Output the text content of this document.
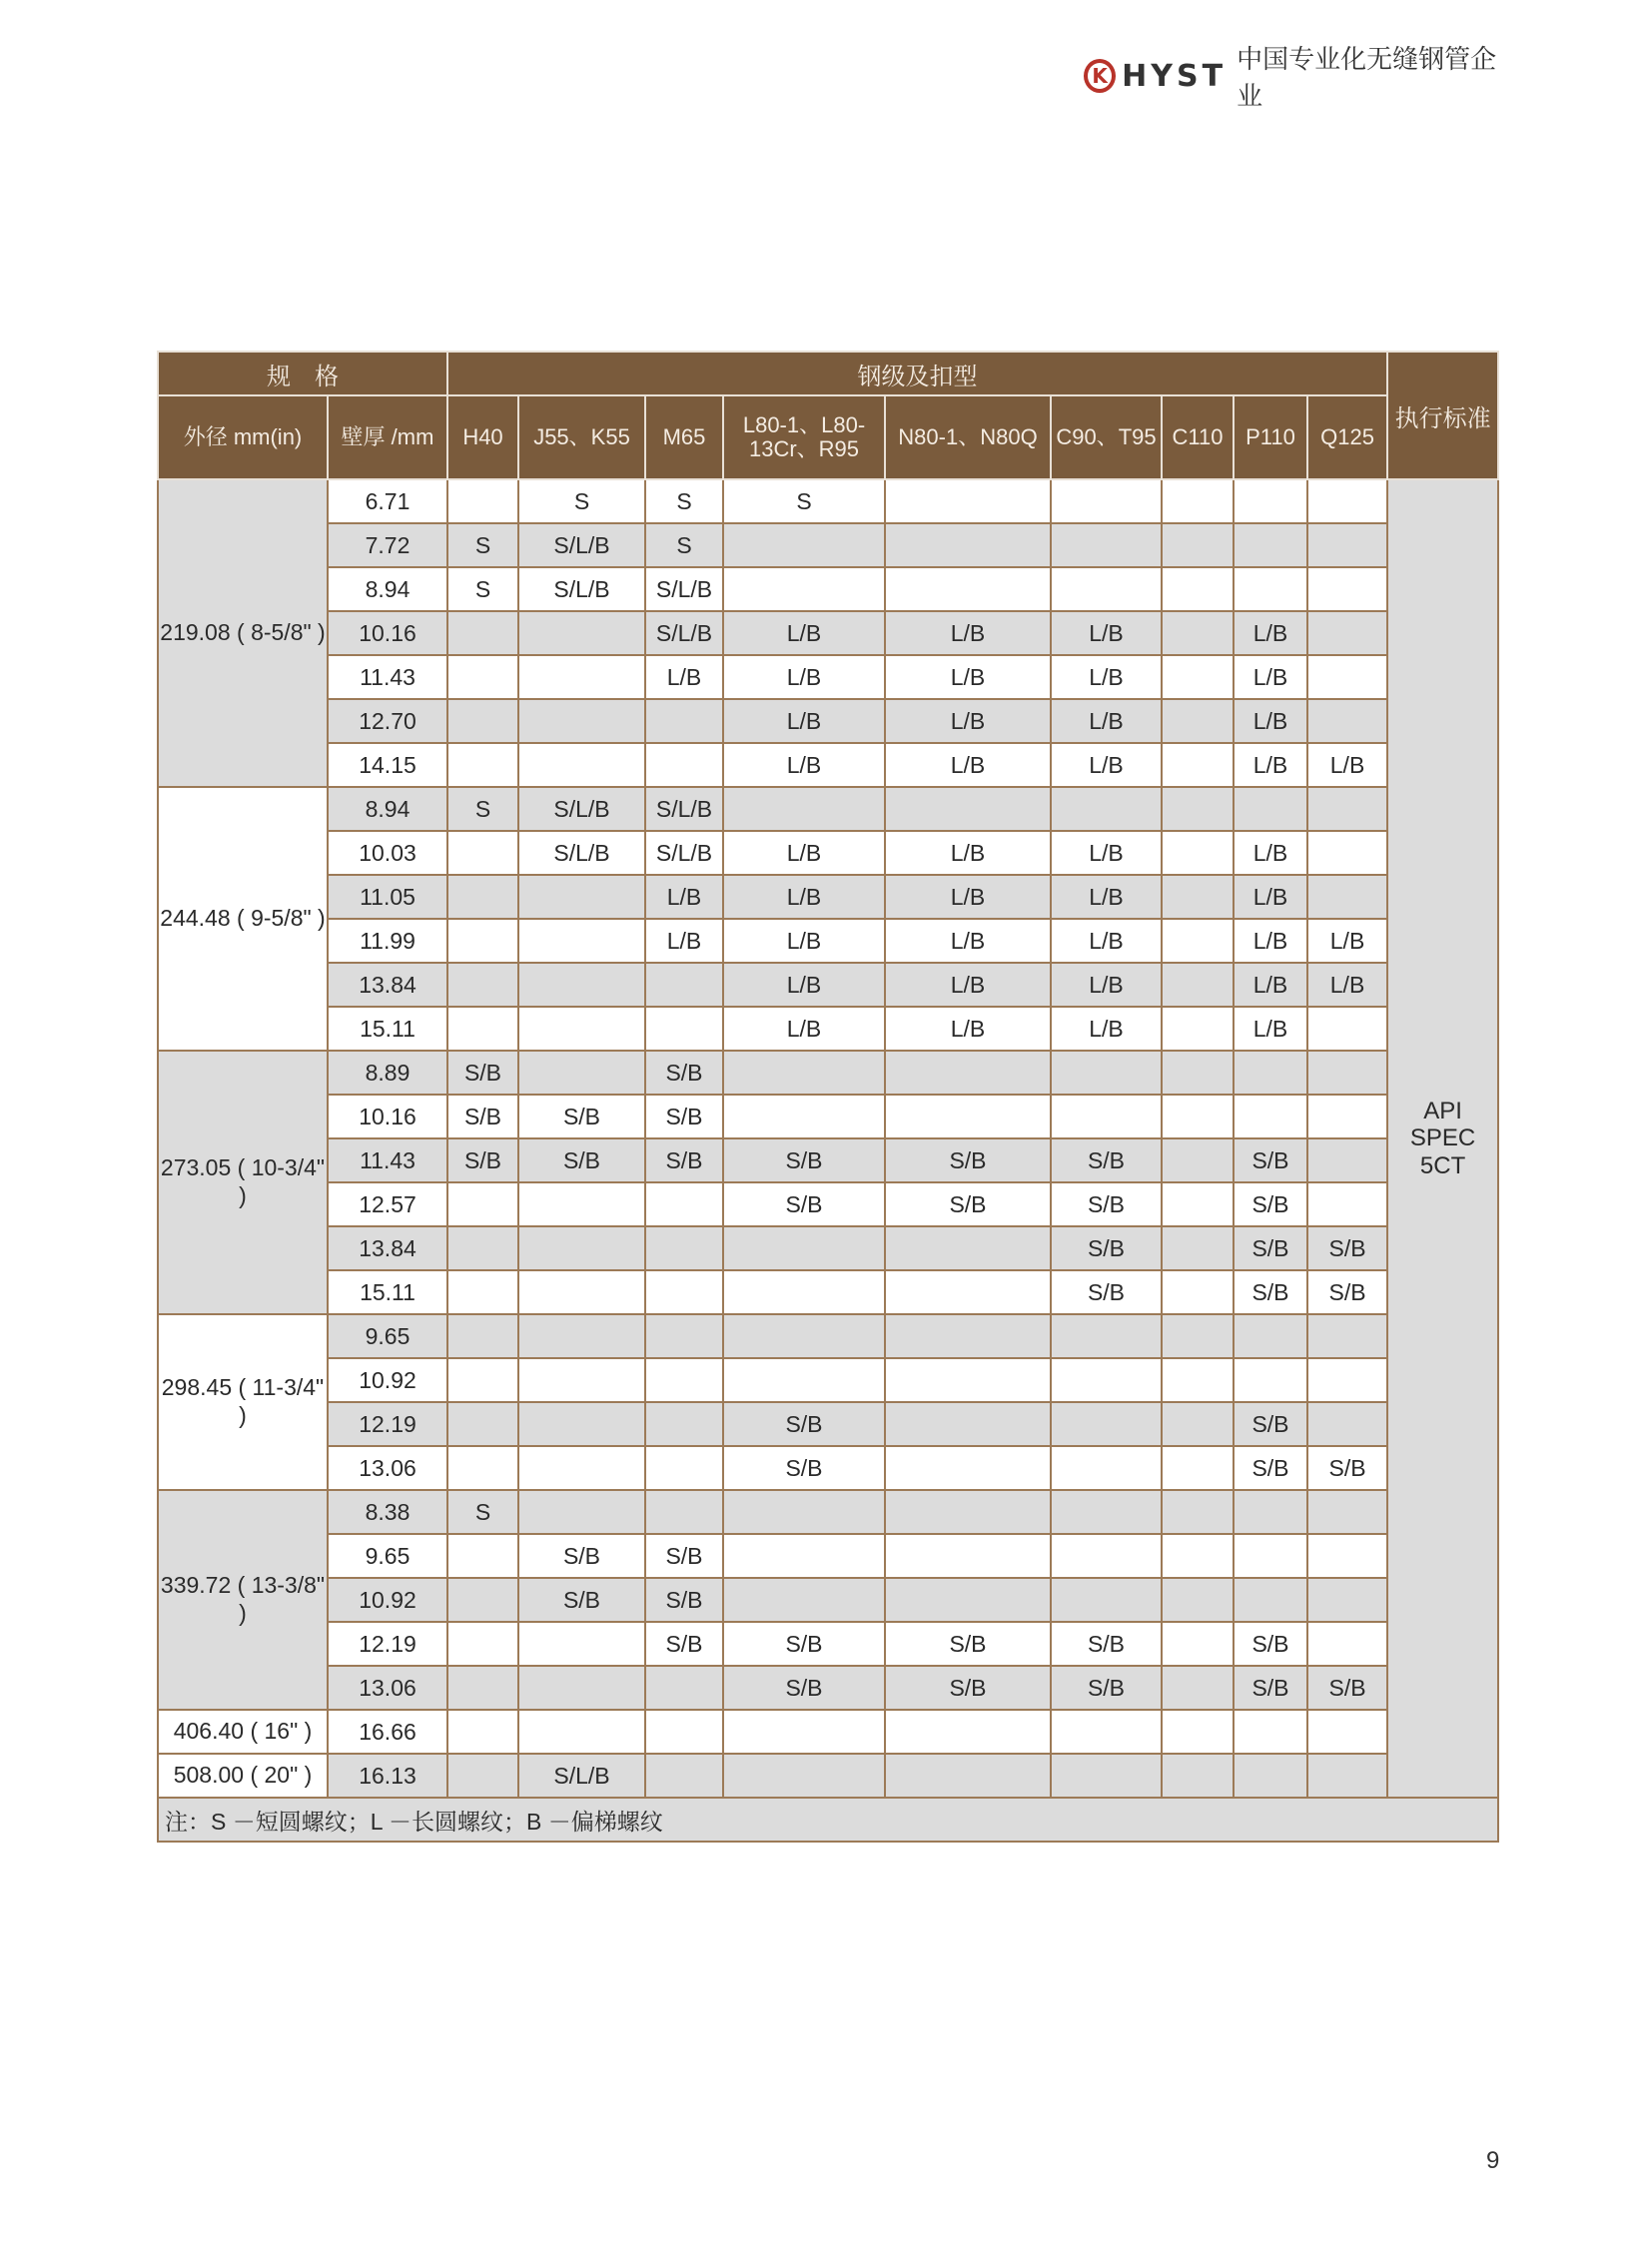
K HYST 中国专业化无缝钢管企业
规　格		钢级及扣型									执行标准
外径 mm(in)	壁厚 /mm	H40	J55、K55	M65	L80-1、L80-13Cr、R95	N80-1、N80Q	C90、T95	C110	P110	Q125	
219.08 ( 8-5/8" )	6.71		S	S	S						API SPEC 5CT
	7.72	S	S/L/B	S							
	8.94	S	S/L/B	S/L/B							
	10.16			S/L/B	L/B	L/B	L/B		L/B		
	11.43			L/B	L/B	L/B	L/B		L/B		
	12.70				L/B	L/B	L/B		L/B		
	14.15				L/B	L/B	L/B		L/B	L/B	
244.48 ( 9-5/8" )	8.94	S	S/L/B	S/L/B							
	10.03		S/L/B	S/L/B	L/B	L/B	L/B		L/B		
	11.05			L/B	L/B	L/B	L/B		L/B		
	11.99			L/B	L/B	L/B	L/B		L/B	L/B	
	13.84				L/B	L/B	L/B		L/B	L/B	
	15.11				L/B	L/B	L/B		L/B		
273.05 ( 10-3/4" )	8.89	S/B		S/B							
	10.16	S/B	S/B	S/B							
	11.43	S/B	S/B	S/B	S/B	S/B	S/B		S/B		
	12.57				S/B	S/B	S/B		S/B		
	13.84						S/B		S/B	S/B	
	15.11						S/B		S/B	S/B	
298.45 ( 11-3/4" )	9.65										
	10.92										
	12.19				S/B				S/B		
	13.06				S/B				S/B	S/B	
339.72 ( 13-3/8" )	8.38	S									
	9.65		S/B	S/B							
	10.92		S/B	S/B							
	12.19			S/B	S/B	S/B	S/B		S/B		
	13.06				S/B	S/B	S/B		S/B	S/B	
406.40 ( 16" )	16.66										
508.00 ( 20" )	16.13		S/L/B								
注：S －短圆螺纹；L －长圆螺纹；B －偏梯螺纹											
9
